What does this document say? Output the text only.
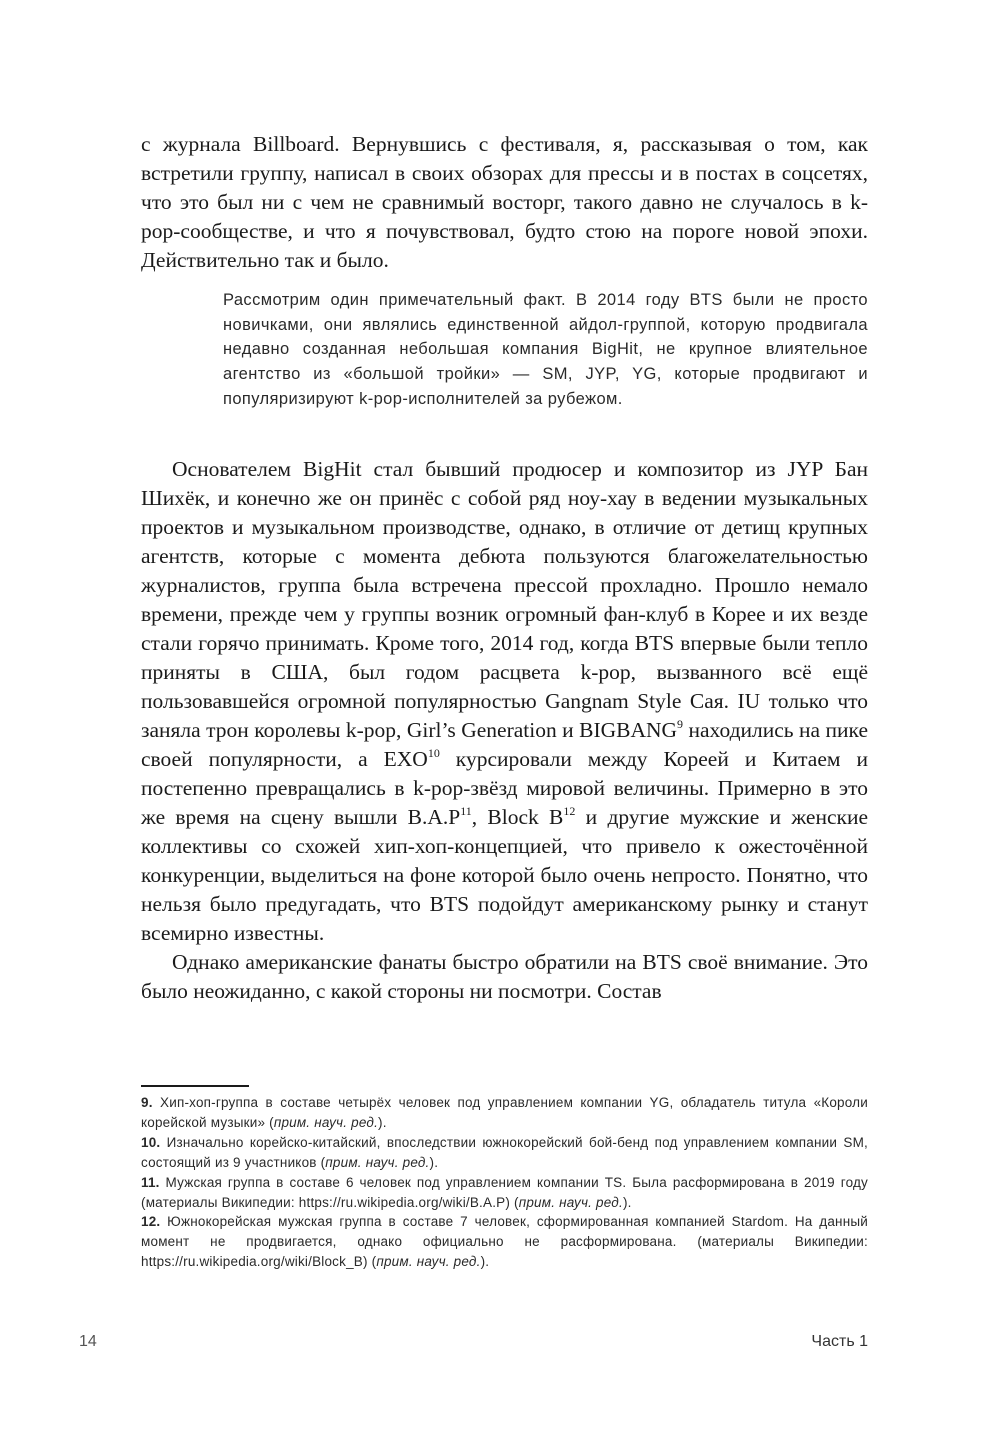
с журнала Billboard. Вернувшись с фестиваля, я, рассказывая о том, как встретили группу, написал в своих обзорах для прессы и в постах в соцсетях, что это был ни с чем не сравнимый восторг, такого давно не случалось в k-pop-сообществе, и что я почувствовал, будто стою на пороге новой эпохи. Действительно так и было.

Рассмотрим один примечательный факт. В 2014 году BTS были не просто новичками, они являлись единственной айдол-группой, которую продвигала недавно созданная небольшая компания BigHit, не крупное влиятельное агентство из «большой тройки» — SM, JYP, YG, которые продвигают и популяризируют k-pop-исполнителей за рубежом.

Основателем BigHit стал бывший продюсер и композитор из JYP Бан Шихёк, и конечно же он принёс с собой ряд ноу-хау в ведении музыкальных проектов и музыкальном производстве, однако, в отличие от детищ крупных агентств, которые с момента дебюта пользуются благожелательностью журналистов, группа была встречена прессой прохладно. Прошло немало времени, прежде чем у группы возник огромный фан-клуб в Корее и их везде стали горячо принимать. Кроме того, 2014 год, когда BTS впервые были тепло приняты в США, был годом расцвета k-pop, вызванного всё ещё пользовавшейся огромной популярностью Gangnam Style Сая. IU только что заняла трон королевы k-pop, Girl’s Generation и BIGBANG$^9$ находились на пике своей популярности, а EXO$^{10}$ курсировали между Кореей и Китаем и постепенно превращались в k-pop-звёзд мировой величины. Примерно в это же время на сцену вышли $B.A.P^{11}$, Block $B^{12}$ и другие мужские и женские коллективы со схожей хип-хоп-концепцией, что привело к ожесточённой конкуренции, выделиться на фоне которой было очень непросто. Понятно, что нельзя было предугадать, что BTS подойдут американскому рынку и станут всемирно известны.

Однако американские фанаты быстро обратили на BTS своё внимание. Это было неожиданно, с какой стороны ни посмотри. Состав

9. Хип-хоп-группа в составе четырёх человек под управлением компании YG, обладатель титула «Короли корейской музыки» (прим. науч. ред.).

10. Изначально корейско-китайский, впоследствии южнокорейский бой-бенд под управлением компании SM, состоящий из 9 участников (прим. науч. ред.).

11. Мужская группа в составе 6 человек под управлением компании TS. Была расформирована в 2019 году (материалы Википедии: https://ru.wikipedia.org/wiki/B.A.P) (прим. науч. ред.).

12. Южнокорейская мужская группа в составе 7 человек, сформированная компанией Stardom. На данный момент не продвигается, однако официально не расформирована. (материалы Википедии: https://ru.wikipedia.org/wiki/Block_B) (прим. науч. ред.).

14	Часть 1
